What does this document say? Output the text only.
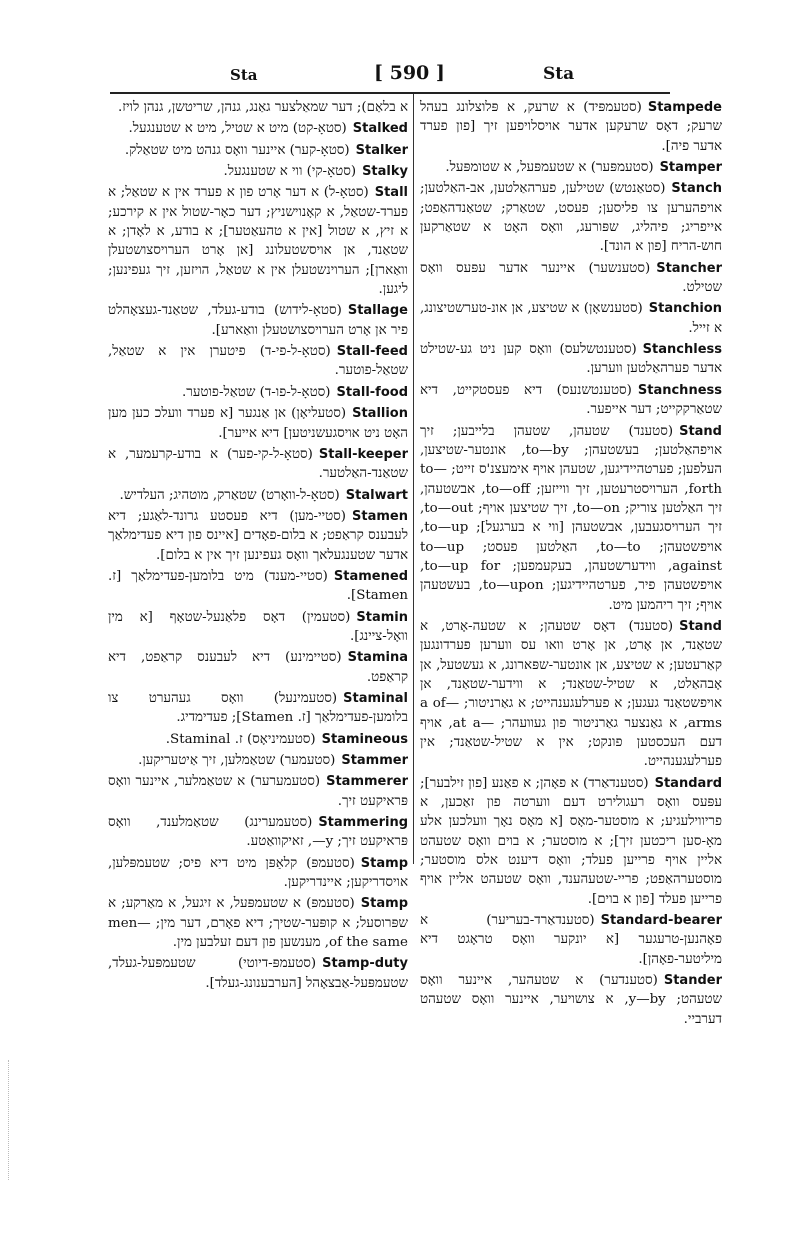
Sta	[ 590 ]	Sta
א בלאַם); דער שמאַלצער גאַנג, גנהן, שריטשן, גנהן לויז.
Stalked
(סטאָ-קט) מיט א שטיל, מיט א שטענגעל.
Stalker
(סטאָ-קער) איינער וואָס גנהט מיט שטאַלק.
Stalky
(סטאָ-קי) ווי א שטענגעל.
Stall
(סטאָ-ל) א דער אָרט פון א פערד אין א שטאַל; א פערד-שטאַל, א קאָנוישניץ; דער כאָר-שטול אין א קירכע; א זיץ, א שטול [אין א טהעאַטער]; א בודע, א לאָדן; א שטאַנד, אן אויסשטעלונג [אן אָרט הערויסצושטעלן וואַארן]; הערוינשטעלן אין א שטאַל, הויזען, זיך געפינען; ליגען.
Stallage
(סטאָ-לידוש) בודע-געלד, שטאַנד-געצאָהלט פיר אן אָרט הערויסצושטעלן וואַארע].
Stall-feed
(סטאָ-ל-פי-ד) פיטערן אין א שטאַל, שטאַל-פוטער.
Stall-food
(סטאָ-ל-פו-ד) שטאַל-פוטער.
Stallion
(סטעליאָן) אן אַנגער [א פערד וועלכ כען מען האָט ניט אויסגעשניטען] דיא אייער].
Stall-keeper
(סטאָ-ל-קי-פער) א בודע-קרעמער, א שטאַנד-האַלטער.
Stalwart
(סטאָ-ל-וואָרט) שטאַרק, מוטהיג; העלדיש.
Stamen
(סטיי-מען) דיא פעסטע גרונד-לאַגע; דיא לעבענס קראַפט; א בלום-פאָדים [איינס פון דיא פעדימלאַך אדער שטענגעלאך וואָס געפינען זיך אין א בלום].
Stamened
(סטיי-מענד) מיט בלומען-פעדימלאַך [ז. Stamen].
Stamin
(סטעמין) דאָס פלאַנעל-שטאָף [א מין וואָל-ציינג].
Stamina
(סטיימינע) דיא לעבענס קראַפט, דיא קראַפט.
Staminal
(סטעמינעל) וואָס געהערט צו בלומען-פעדימלאַך [ז. Stamen]; פעדימדיג.
Stamineous
(סטעמיניאָס) ז. Staminal.
Stammer
(סטעמער) שטאַמלען, זיך אַיטעריקען.
Stammerer
(סטעמערער) א שטאַמלער, איינער וואָס פּראיקעט זיך.
Stammering
(סטעמערינג) שטאַמלענד, וואָס פּראיקעט זיך; y—, זאיקוואַטע.
Stamp
(סטעמפּ) קלאַפּן מיט דיא פיס; שטעמפּלען, אויסדריקען; איינדריקען.
Stamp
(סטעמפּ) א שטעמפּעל, א זיגעל, א מאַרקע; א שפּרוסעל; א קופּער-שטיך; דיא פאָרם, דער מין; —men of the same, מענשען פון דעם זעלבען מין.
Stamp-duty
(סטעמפּ-דיוטי) שטעמפּעל-געלד, שטעמפּעל-אַבצאָהל [הערבענונג-געלד].
Stampede
(סטעמפּיד) א שרעק, א פּלוצלונג בעהל שרעק; דאָס שרעקען אדער אויסלויפען זיך [פון פערד אדער פיה].
Stamper
(סטעמפּער) א שטעמפּעל, א שטומפּעל.
Stanch
(סטאַנטש) שטילען, פערהאַלטען, אב-האַלטען; אויפהערען צו פליסען; פעסט, שטאַרק; שטאַנדהאַפט; אייפריג; פיהליג, שפּורעג, וואָס האָט א שטאַרקען חוש-הריח [פון א הונד].
Stancher
(סטענשער) איינער אדער עפּעס וואָס שטילט.
Stanchion
(סטענשאָן) א שטיצע, אן אונ-טערשטיצונג, א זייל.
Stanchless
(סטענטשלעס) וואָס קען ניט גע-שטילט אדער פערהאַלטען ווערען.
Stanchness
(סטענטשנעס) דיא פעסטקייט, דיא שטאַרקקייט; דער אייפער.
Stand
(סטענד) שטעהן, שטעהן בלייבען; זיך אויפהאַלטען; בעשטעהן; to—by, אונטער-שטיצען, העלפען; פערטהיידיגען, שטעהן אויף אימעצנ'ס זייט; to—forth, הערויסטרעטען, זיך ווייזען; to—off, אבשטעהן, זיך האַלטען צוריק; to—on, זיך שטיצען אויף; to—out, זיך הערויסגעבען, אבשטעהן [ווי א בערגעל]; to—up, אויפשטעהן; to—to, האַלטען פעסט; to—up against, ווידערשטעהן, בעקעמפען; to—up for, אויפשטעהן פיר, פערטהיידיגען; to—upon, בעשטעהן אויף; זיך ריהמען מיט.
Stand
(סטענד) דאָס שטעהן; א שטעה-אָרט, א שטאַנד, אן אָרט, אן אָרט וואו עס ווערען פערדונגען קאַרעטען; א שטיצע, אן אונטער-שפּארונג, א געשטעל, אן אָבהאַלט, א שטיל-שטאַנד; א ווידער-שטאַנד, אן אויפשטאַנד געגען; א פערלעגענהייט; א גאַרניטור; —a of arms, א גאַנצער גאַרניטור פון געוועהר; —at a, אויף דעם העכסטען פונקט; אין א שטיל-שטאַנד; אין פערלעגענהייט.
Standard
(סטענדאַרד) א פאָהן; א פאַנע [פון זילבער]; עפּעס וואָס רעגולירט דעם ווערטה פון זאַכען, א פריווילעגיע; א מוסטער-מאָס [א מאָס נאָך וועלכען אלע מאָ-סען ריכטען זיך]; א מוסטער; א בוים וואָס שטעהט אליין אויף פרייען פעלד; וואָס דיענט אלס מוסטער; מוסטערהאַפט; פריי-שטעהענד, וואָס שטעהט אליין אויף פרייען פעלד [פון א בוים].
Standard-bearer
(סטענדאַרד-בעריער) א פאָהנען-טרעגער [א יונקער וואָס טראָגט דיא מיליטער-פאָהן].
Stander
(סטענדער) א שטעהער, איינער וואָס שטעהט; y—by, א צושויער, איינער וואָס שטעהט דערביי.
